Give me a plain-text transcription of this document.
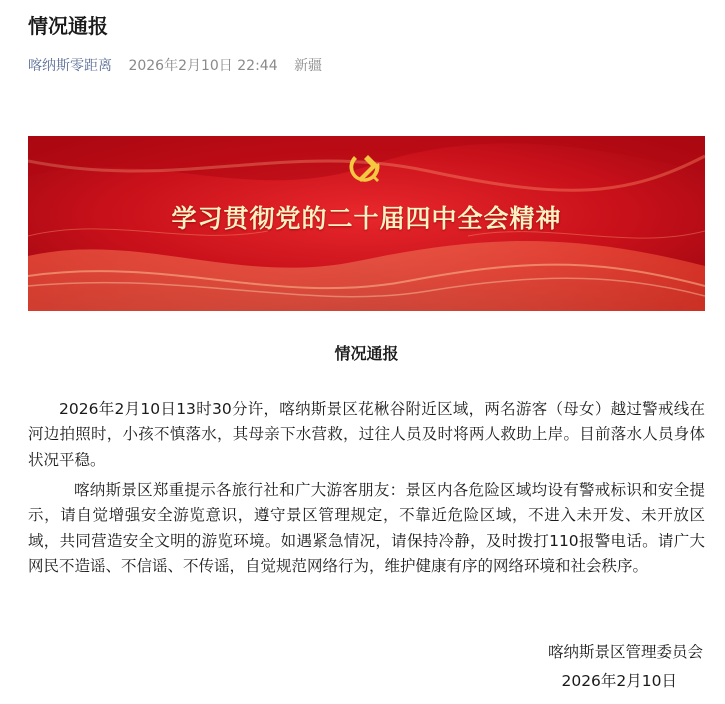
情况通报
喀纳斯零距离 2026年2月10日 22:44 新疆
学习贯彻党的二十届四中全会精神
情况通报

2026年2月10日13时30分许，喀纳斯景区花楸谷附近区域，两名游客（母女）越过警戒线在河边拍照时，小孩不慎落水，其母亲下水营救，过往人员及时将两人救助上岸。目前落水人员身体状况平稳。

喀纳斯景区郑重提示各旅行社和广大游客朋友：景区内各危险区域均设有警戒标识和安全提示，请自觉增强安全游览意识，遵守景区管理规定，不靠近危险区域，不进入未开发、未开放区域，共同营造安全文明的游览环境。如遇紧急情况，请保持冷静，及时拨打110报警电话。请广大网民不造谣、不信谣、不传谣，自觉规范网络行为，维护健康有序的网络环境和社会秩序。

喀纳斯景区管理委员会
2026年2月10日
